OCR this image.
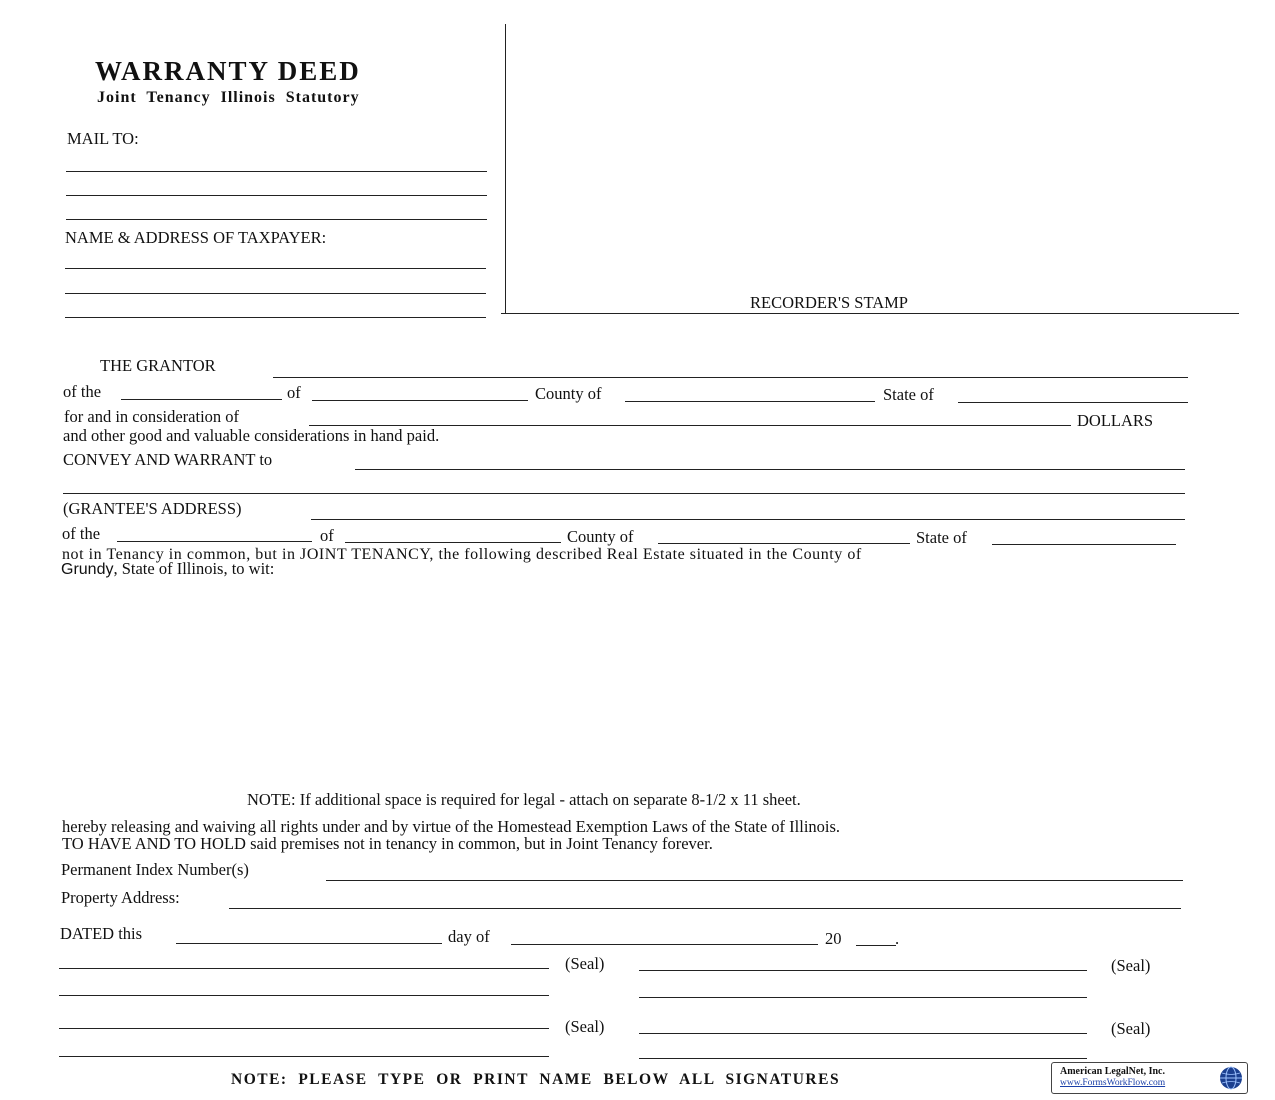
WARRANTY DEED
Joint  Tenancy  Illinois  Statutory
MAIL TO:
NAME & ADDRESS OF TAXPAYER:
RECORDER'S STAMP
THE GRANTOR
of the	of	County of	State of
for and in consideration of	DOLLARS
and other good and valuable considerations in hand paid.
CONVEY AND WARRANT to
(GRANTEE'S ADDRESS)
of the	of	County of	State of
not in Tenancy in common, but in JOINT TENANCY, the following described Real Estate situated in the County of
Grundy, State of Illinois, to wit:
NOTE: If additional space is required for legal - attach on separate 8-1/2 x 11 sheet.
hereby releasing and waiving all rights under and by virtue of the Homestead Exemption Laws of the State of Illinois.
TO HAVE AND TO HOLD said premises not in tenancy in common, but in Joint Tenancy forever.
Permanent Index Number(s)
Property Address:
DATED this	day of	20	.
(Seal)	(Seal)
(Seal)	(Seal)
NOTE:  PLEASE  TYPE  OR  PRINT  NAME  BELOW  ALL  SIGNATURES	American LegalNet, Inc.
www.FormsWorkFlow.com
